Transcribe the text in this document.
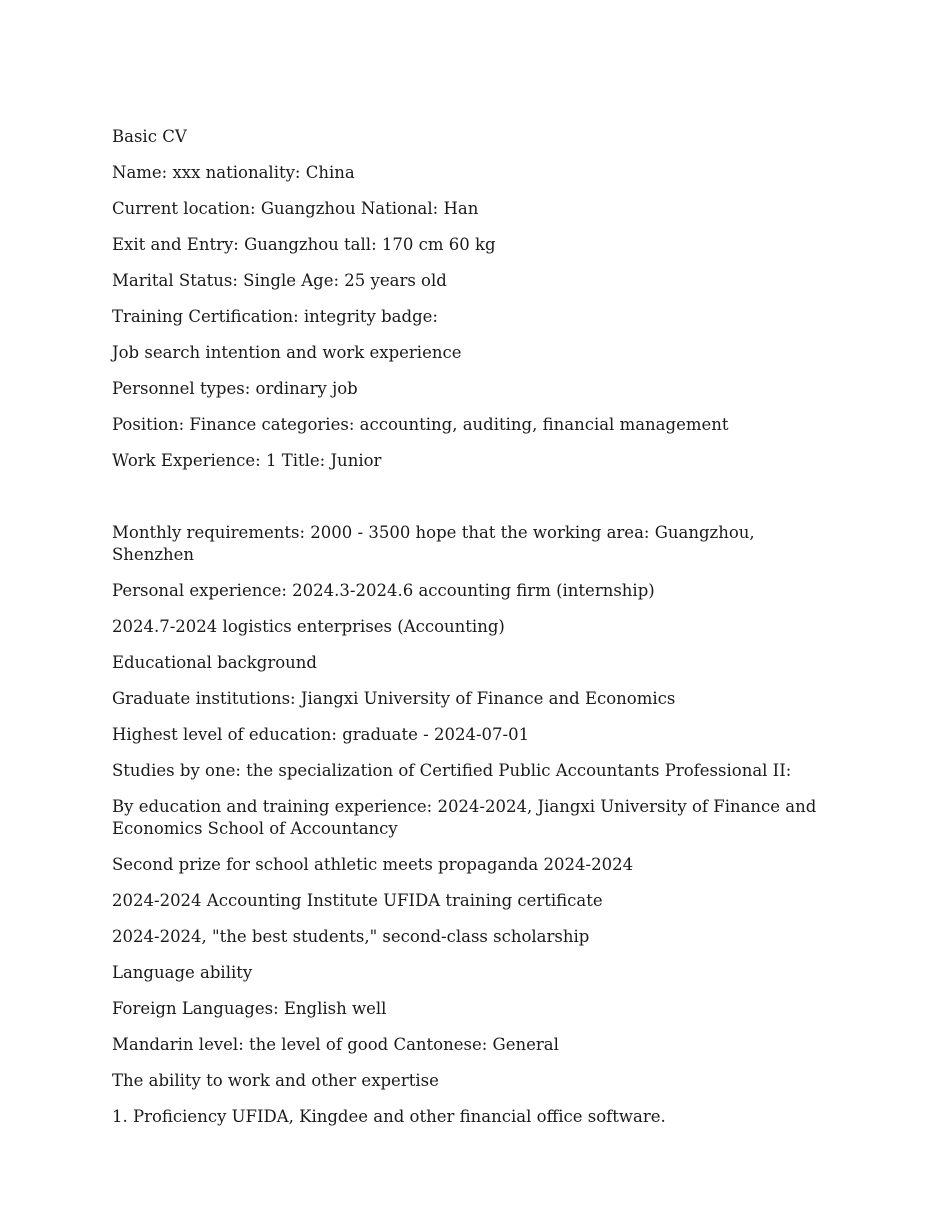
Basic CV

Name: xxx nationality: China

Current location: Guangzhou National: Han

Exit and Entry: Guangzhou tall: 170 cm 60 kg

Marital Status: Single Age: 25 years old

Training Certification: integrity badge:

Job search intention and work experience

Personnel types: ordinary job

Position: Finance categories: accounting, auditing, financial management

Work Experience: 1 Title: Junior

Monthly requirements: 2000 - 3500 hope that the working area: Guangzhou, Shenzhen

Personal experience: 2024.3-2024.6 accounting firm (internship)

2024.7-2024 logistics enterprises (Accounting)

Educational background

Graduate institutions: Jiangxi University of Finance and Economics

Highest level of education: graduate - 2024-07-01

Studies by one: the specialization of Certified Public Accountants Professional II:

By education and training experience: 2024-2024, Jiangxi University of Finance and Economics School of Accountancy

Second prize for school athletic meets propaganda 2024-2024

2024-2024 Accounting Institute UFIDA training certificate

2024-2024, "the best students," second-class scholarship

Language ability

Foreign Languages: English well

Mandarin level: the level of good Cantonese: General

The ability to work and other expertise

1. Proficiency UFIDA, Kingdee and other financial office software.
